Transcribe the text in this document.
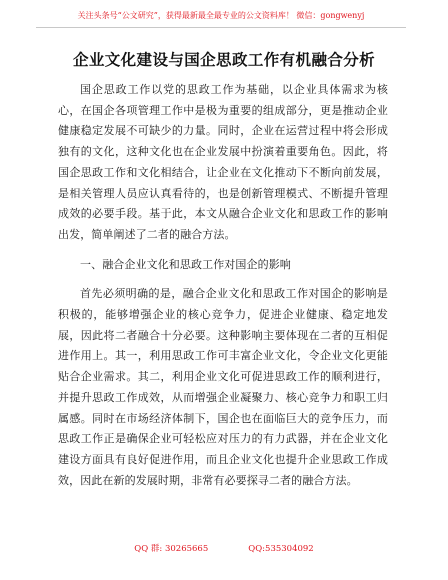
关注头条号“公文研究”，获得最新最全最专业的公文资料库！ 微信：gongwenyj
企业文化建设与国企思政工作有机融合分析

国企思政工作以党的思政工作为基础，以企业具体需求为核心，在国企各项管理工作中是极为重要的组成部分，更是推动企业健康稳定发展不可缺少的力量。同时，企业在运营过程中将会形成独有的文化，这种文化也在企业发展中扮演着重要角色。因此，将国企思政工作和文化相结合，让企业在文化推动下不断向前发展，是相关管理人员应认真看待的，也是创新管理模式、不断提升管理成效的必要手段。基于此，本文从融合企业文化和思政工作的影响出发，简单阐述了二者的融合方法。

一、融合企业文化和思政工作对国企的影响

首先必须明确的是，融合企业文化和思政工作对国企的影响是积极的，能够增强企业的核心竞争力，促进企业健康、稳定地发展，因此将二者融合十分必要。这种影响主要体现在二者的互相促进作用上。其一，利用思政工作可丰富企业文化，令企业文化更能贴合企业需求。其二，利用企业文化可促进思政工作的顺利进行，并提升思政工作成效，从而增强企业凝聚力、核心竞争力和职工归属感。同时在市场经济体制下，国企也在面临巨大的竞争压力，而思政工作正是确保企业可轻松应对压力的有力武器，并在企业文化建设方面具有良好促进作用，而且企业文化也提升企业思政工作成效，因此在新的发展时期，非常有必要探寻二者的融合方法。

QQ 群: 30265665	QQ:535304092
